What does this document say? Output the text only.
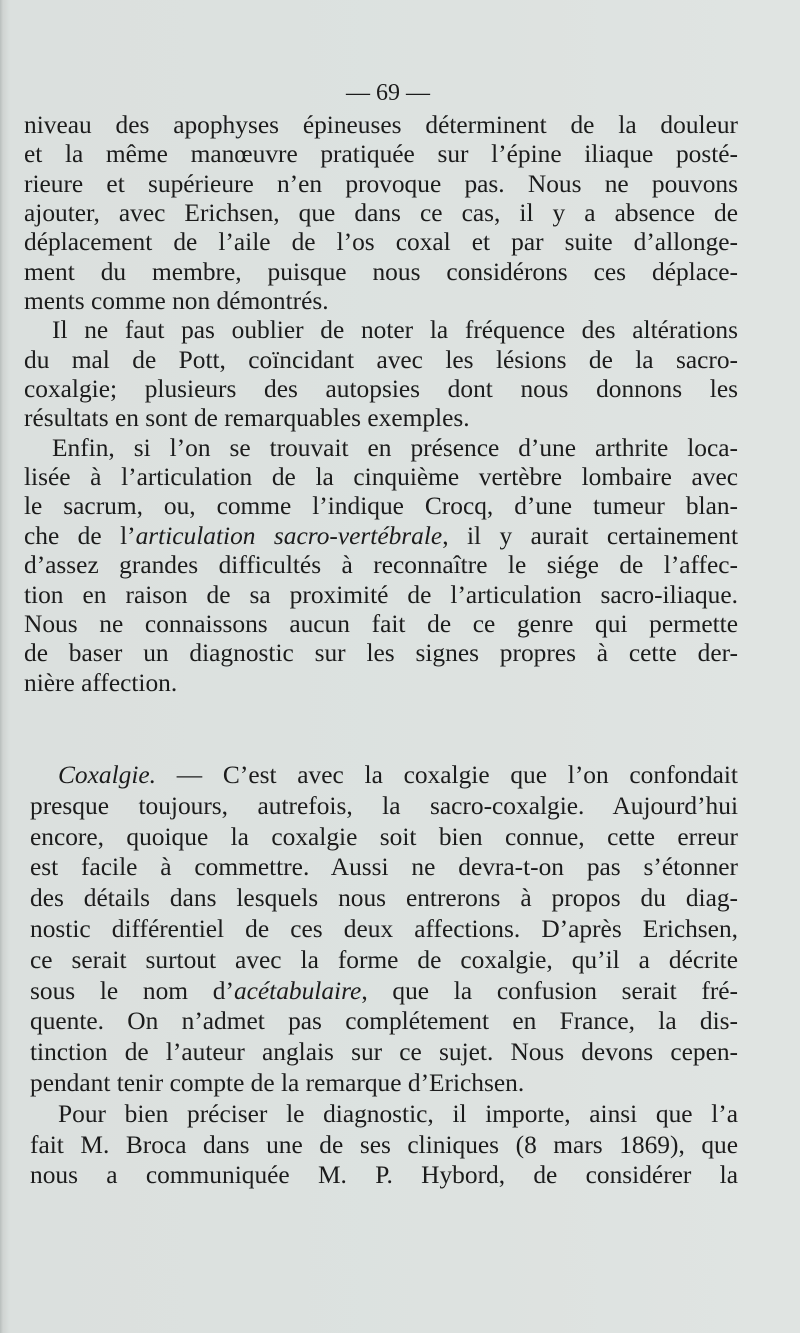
— 69 —
niveau des apophyses épineuses déterminent de la douleur
et la même manœuvre pratiquée sur l’épine iliaque posté-
rieure et supérieure n’en provoque pas. Nous ne pouvons
ajouter, avec Erichsen, que dans ce cas, il y a absence de
déplacement de l’aile de l’os coxal et par suite d’allonge-
ment du membre, puisque nous considérons ces déplace-
ments comme non démontrés.
Il ne faut pas oublier de noter la fréquence des altérations
du mal de Pott, coïncidant avec les lésions de la sacro-
coxalgie; plusieurs des autopsies dont nous donnons les
résultats en sont de remarquables exemples.
Enfin, si l’on se trouvait en présence d’une arthrite loca-
lisée à l’articulation de la cinquième vertèbre lombaire avec
le sacrum, ou, comme l’indique Crocq, d’une tumeur blan-
che de l’articulation sacro-vertébrale, il y aurait certainement
d’assez grandes difficultés à reconnaître le siége de l’affec-
tion en raison de sa proximité de l’articulation sacro-iliaque.
Nous ne connaissons aucun fait de ce genre qui permette
de baser un diagnostic sur les signes propres à cette der-
nière affection.
Coxalgie. — C’est avec la coxalgie que l’on confondait
presque toujours, autrefois, la sacro-coxalgie. Aujourd’hui
encore, quoique la coxalgie soit bien connue, cette erreur
est facile à commettre. Aussi ne devra-t-on pas s’étonner
des détails dans lesquels nous entrerons à propos du diag-
nostic différentiel de ces deux affections. D’après Erichsen,
ce serait surtout avec la forme de coxalgie, qu’il a décrite
sous le nom d’acétabulaire, que la confusion serait fré-
quente. On n’admet pas complétement en France, la dis-
tinction de l’auteur anglais sur ce sujet. Nous devons cepen-
pendant tenir compte de la remarque d’Erichsen.
Pour bien préciser le diagnostic, il importe, ainsi que l’a
fait M. Broca dans une de ses cliniques (8 mars 1869), que
nous a communiquée M. P. Hybord, de considérer la
